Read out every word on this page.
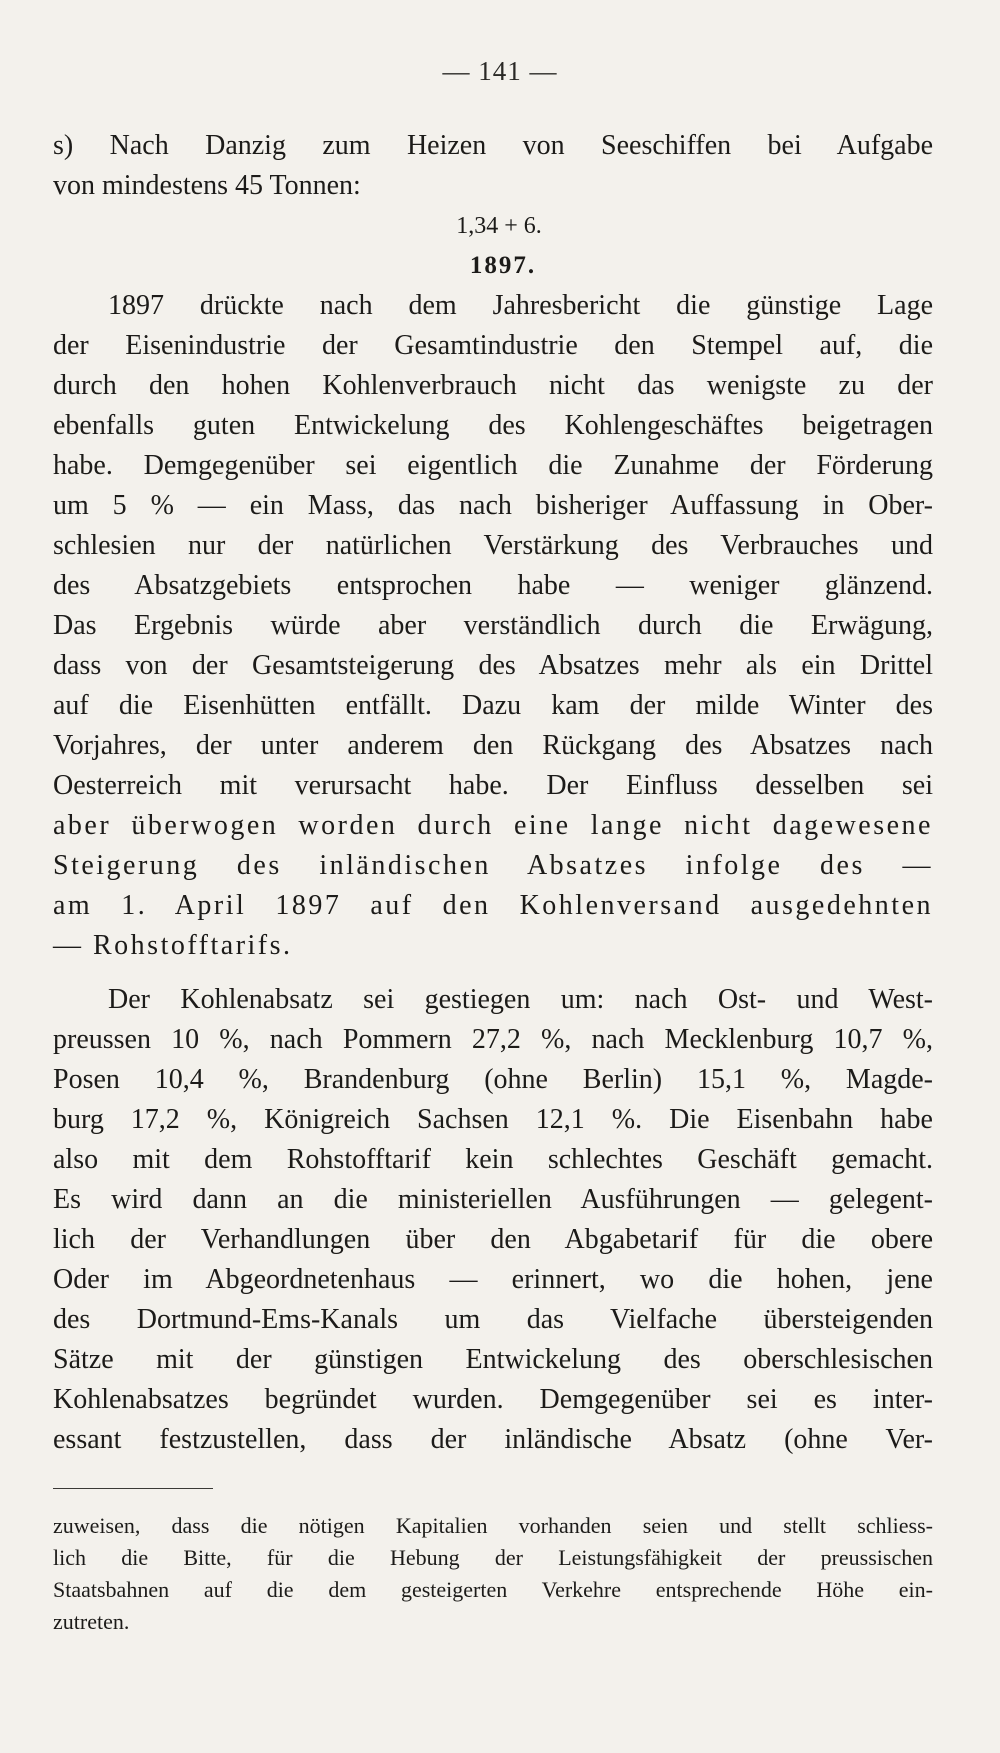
— 141 —
s) Nach Danzig zum Heizen von Seeschiffen bei Aufgabe
von mindestens 45 Tonnen:
1,34 + 6.
1897.
1897 drückte nach dem Jahresbericht die günstige Lage
der Eisenindustrie der Gesamtindustrie den Stempel auf, die
durch den hohen Kohlenverbrauch nicht das wenigste zu der
ebenfalls guten Entwickelung des Kohlengeschäftes beigetragen
habe. Demgegenüber sei eigentlich die Zunahme der Förderung
um 5 % — ein Mass, das nach bisheriger Auffassung in Ober-
schlesien nur der natürlichen Verstärkung des Verbrauches und
des Absatzgebiets entsprochen habe — weniger glänzend.
Das Ergebnis würde aber verständlich durch die Erwägung,
dass von der Gesamtsteigerung des Absatzes mehr als ein Drittel
auf die Eisenhütten entfällt. Dazu kam der milde Winter des
Vorjahres, der unter anderem den Rückgang des Absatzes nach
Oesterreich mit verursacht habe. Der Einfluss desselben sei
aber überwogen worden durch eine lange nicht dagewesene
Steigerung des inländischen Absatzes infolge des —
am 1. April 1897 auf den Kohlenversand ausgedehnten
— Rohstofftarifs.
Der Kohlenabsatz sei gestiegen um: nach Ost- und West-
preussen 10 %, nach Pommern 27,2 %, nach Mecklenburg 10,7 %,
Posen 10,4 %, Brandenburg (ohne Berlin) 15,1 %, Magde-
burg 17,2 %, Königreich Sachsen 12,1 %. Die Eisenbahn habe
also mit dem Rohstofftarif kein schlechtes Geschäft gemacht.
Es wird dann an die ministeriellen Ausführungen — gelegent-
lich der Verhandlungen über den Abgabetarif für die obere
Oder im Abgeordnetenhaus — erinnert, wo die hohen, jene
des Dortmund-Ems-Kanals um das Vielfache übersteigenden
Sätze mit der günstigen Entwickelung des oberschlesischen
Kohlenabsatzes begründet wurden. Demgegenüber sei es inter-
essant festzustellen, dass der inländische Absatz (ohne Ver-
zuweisen, dass die nötigen Kapitalien vorhanden seien und stellt schliess-
lich die Bitte, für die Hebung der Leistungsfähigkeit der preussischen
Staatsbahnen auf die dem gesteigerten Verkehre entsprechende Höhe ein-
zutreten.
